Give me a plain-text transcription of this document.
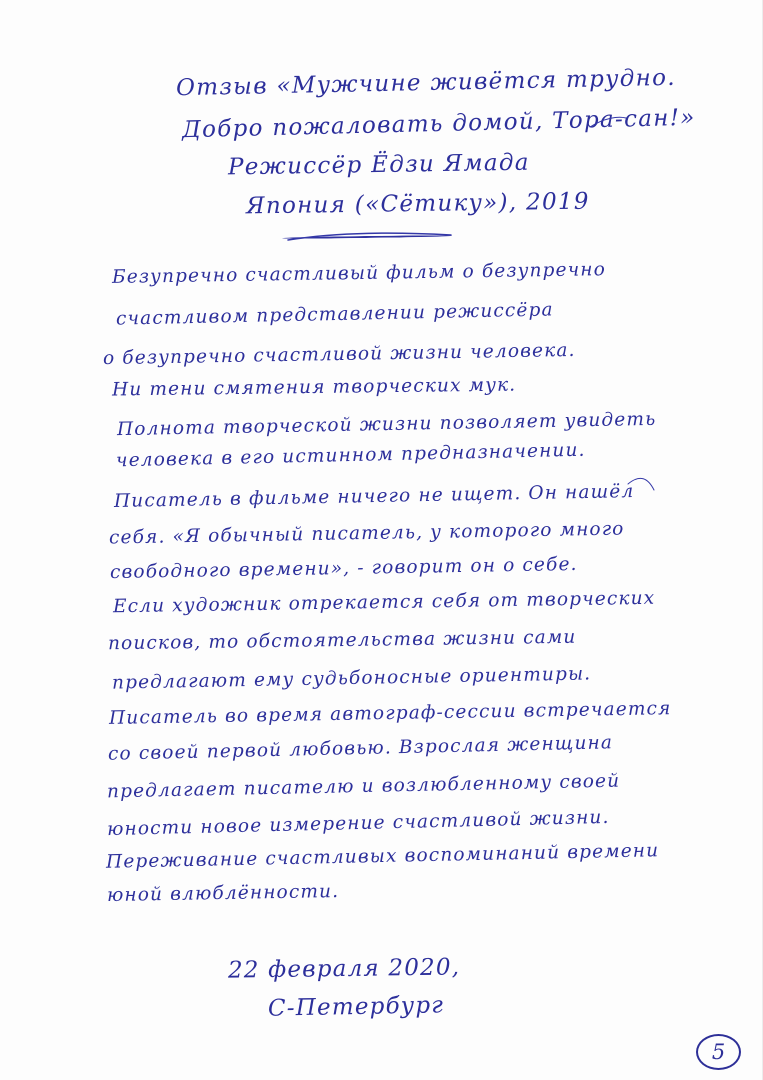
Отзыв «Мужчине живётся трудно.
Добро пожаловать домой, Тора-сан!»
Режиссёр Ёдзи Ямада
Япония («Сётику»), 2019
Безупречно счастливый фильм о безупречно
счастливом представлении режиссёра
о безупречно счастливой жизни человека.
Ни тени смятения творческих мук.
Полнота творческой жизни позволяет увидеть
человека в его истинном предназначении.
Писатель в фильме ничего не ищет. Он нашёл
себя. «Я обычный писатель, у которого много
свободного времени», - говорит он о себе.
Если художник отрекается себя от творческих
поисков, то обстоятельства жизни сами
предлагают ему судьбоносные ориентиры.
Писатель во время автограф-сессии встречается
со своей первой любовью. Взрослая женщина
предлагает писателю и возлюбленному своей
юности новое измерение счастливой жизни.
Переживание счастливых воспоминаний времени
юной влюблённости.
22 февраля 2020,
С-Петербург
5
